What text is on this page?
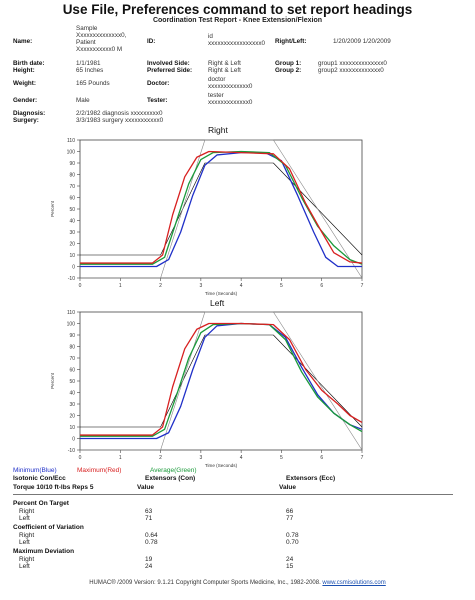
Use File, Preferences command to set report headings
Coordination Test Report - Knee Extension/Flexion
Name:
Sample
Xxxxxxxxxxxxxx0,
Patient
Xxxxxxxxxxx0 M
ID:
id
xxxxxxxxxxxxxxxxx0 Right/Left:	1/20/2009 1/20/2009
Birth date:	1/1/1981
Height:	65 Inches
Involved Side:	Right & Left
Preferred Side:	Right & Left
Group 1:	group1 xxxxxxxxxxxxxx0
Group 2:	group2 xxxxxxxxxxxxx0
Weight:	165 Pounds	Doctor:
doctor
xxxxxxxxxxxxx0
Gender:	Male	Tester:
tester
xxxxxxxxxxxxx0
Diagnosis:	2/2/1982 diagnosis xxxxxxxxx0
Surgery:	3/3/1983 surgery xxxxxxxxxxx0
Right
-10
0
10
20
30
40
50
60
70
80
90
100
110
0	1	2	3	4	5	6	7
Time (Seconds)
Percent
Left
-10
0
10
20
30
40
50
60
70
80
90
100
110
0	1	2	3	4	5	6	7
Time (Seconds)
Percent
Minimum(Blue)	Maximum(Red)	Average(Green)
Isotonic Con/Ecc
Torque 10/10 ft-lbs Reps 5
Extensors (Con)
Value
Extensors (Ecc)
Value
Percent On Target
Right	63	66
Left	71	77
Coefficient of Variation
Right	0.64	0.78
Left	0.78	0.70
Maximum Deviation
Right	19	24
Left	24	15
HUMAC® /2009 Version: 9.1.21 Copyright Computer Sports Medicine, Inc., 1982-2008. www.csmisolutions.com
